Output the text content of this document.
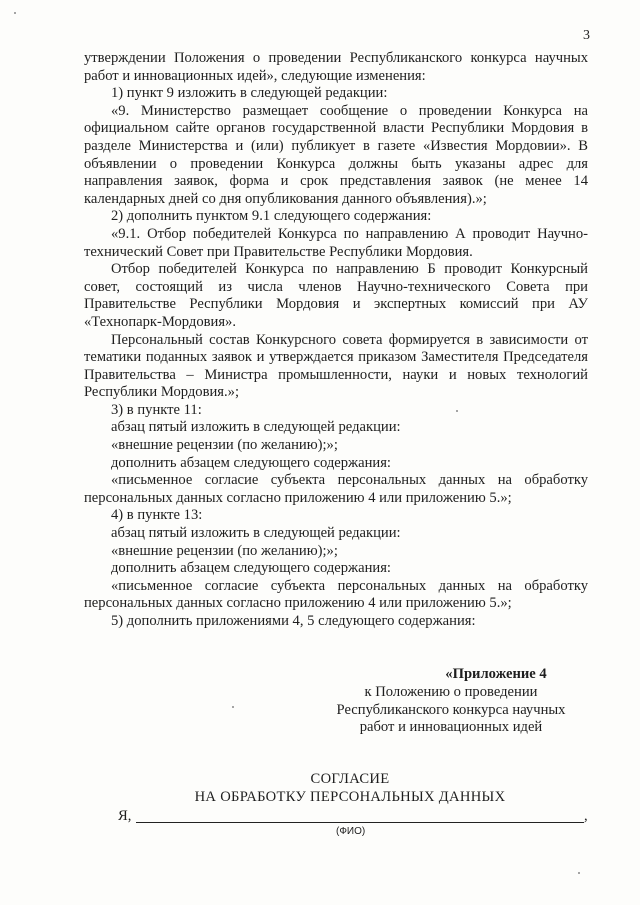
3

утверждении Положения о проведении Республиканского конкурса научных работ и инновационных идей», следующие изменения:

1) пункт 9 изложить в следующей редакции:

«9. Министерство размещает сообщение о проведении Конкурса на официальном сайте органов государственной власти Республики Мордовия в разделе Министерства и (или) публикует в газете «Известия Мордовии». В объявлении о проведении Конкурса должны быть указаны адрес для направления заявок, форма и срок представления заявок (не менее 14 календарных дней со дня опубликования данного объявления).»;

2) дополнить пунктом 9.1 следующего содержания:

«9.1. Отбор победителей Конкурса по направлению А проводит Научно-технический Совет при Правительстве Республики Мордовия.

Отбор победителей Конкурса по направлению Б проводит Конкурсный совет, состоящий из числа членов Научно-технического Совета при Правительстве Республики Мордовия и экспертных комиссий при АУ «Технопарк-Мордовия».

Персональный состав Конкурсного совета формируется в зависимости от тематики поданных заявок и утверждается приказом Заместителя Председателя Правительства – Министра промышленности, науки и новых технологий Республики Мордовия.»;

3) в пункте 11:

абзац пятый изложить в следующей редакции:

«внешние рецензии (по желанию);»;

дополнить абзацем следующего содержания:

«письменное согласие субъекта персональных данных на обработку персональных данных согласно приложению 4 или приложению 5.»;

4) в пункте 13:

абзац пятый изложить в следующей редакции:

«внешние рецензии (по желанию);»;

дополнить абзацем следующего содержания:

«письменное согласие субъекта персональных данных на обработку персональных данных согласно приложению 4 или приложению 5.»;

5) дополнить приложениями 4, 5 следующего содержания:

«Приложение 4
к Положению о проведении
Республиканского конкурса научных
работ и инновационных идей
СОГЛАСИЕ
НА ОБРАБОТКУ ПЕРСОНАЛЬНЫХ ДАННЫХ
Я,	,
(ФИО)
